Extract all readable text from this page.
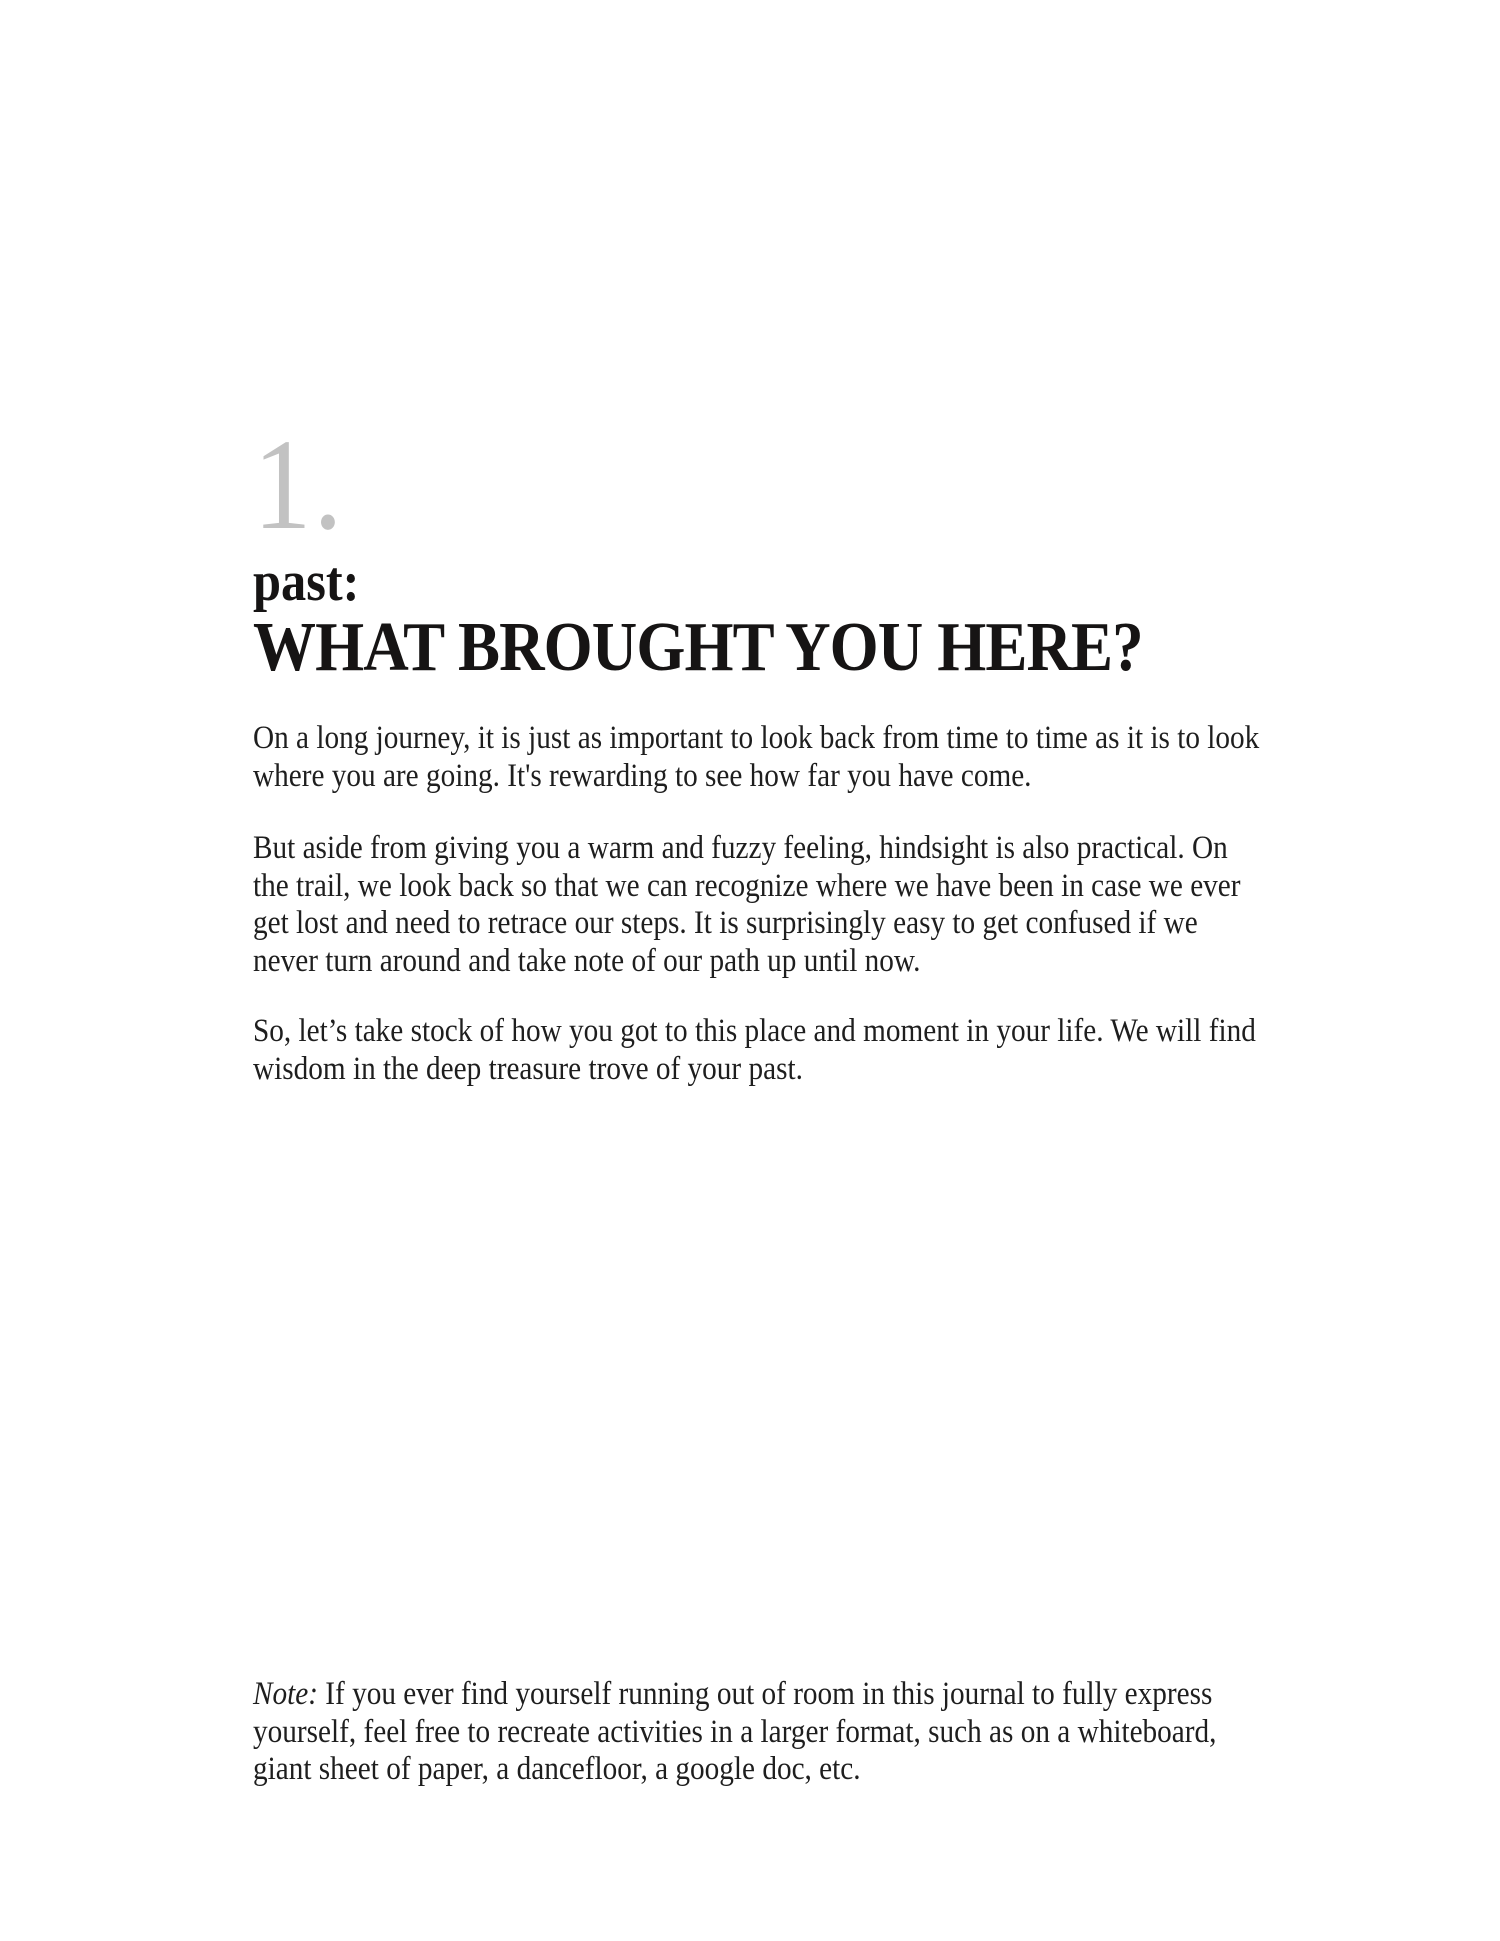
1.
past:
WHAT BROUGHT YOU HERE?

On a long journey, it is just as important to look back from time to time as it is to look where you are going. It's rewarding to see how far you have come.

But aside from giving you a warm and fuzzy feeling, hindsight is also practical. On the trail, we look back so that we can recognize where we have been in case we ever get lost and need to retrace our steps. It is surprisingly easy to get confused if we never turn around and take note of our path up until now.

So, let’s take stock of how you got to this place and moment in your life. We will find wisdom in the deep treasure trove of your past.

Note: If you ever find yourself running out of room in this journal to fully express yourself, feel free to recreate activities in a larger format, such as on a whiteboard, giant sheet of paper, a dancefloor, a google doc, etc.
